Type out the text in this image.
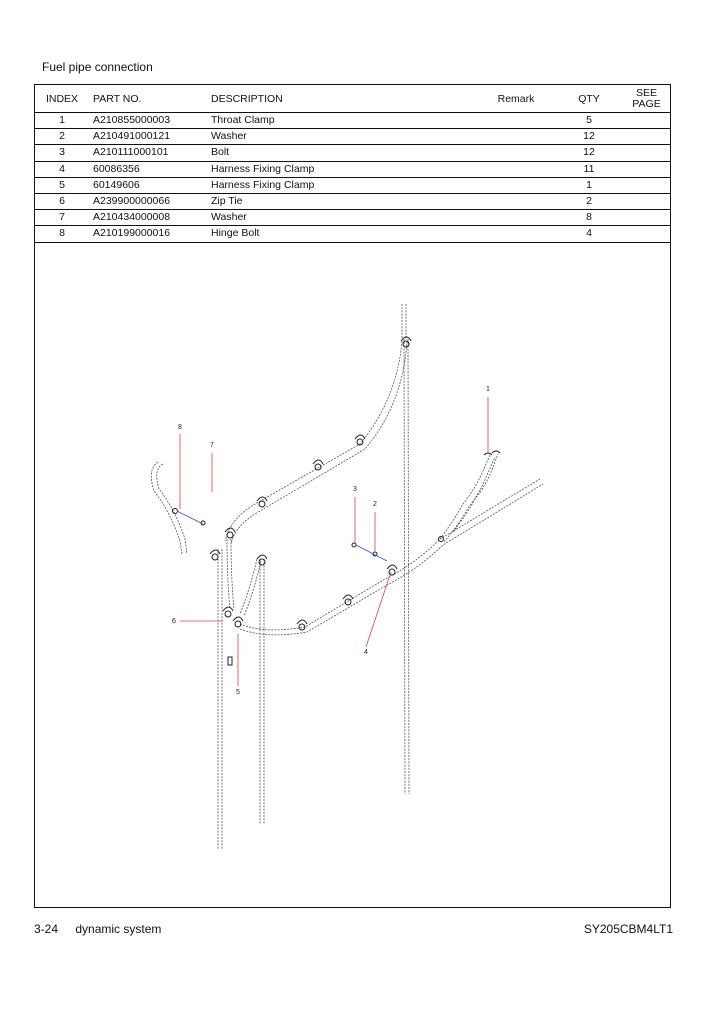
Fuel pipe connection
INDEX	PART NO.	DESCRIPTION	Remark	QTY	SEE PAGE
1	A210855000003	Throat Clamp		5	
2	A210491000121	Washer		12	
3	A210111000101	Bolt		12	
4	60086356	Harness Fixing Clamp		11	
5	60149606	Harness Fixing Clamp		1	
6	A239900000066	Zip Tie		2	
7	A210434000008	Washer		8	
8	A210199000016	Hinge Bolt		4	
1
2
3
4
5
6
7
8
3-24 dynamic system	SY205CBM4LT1
